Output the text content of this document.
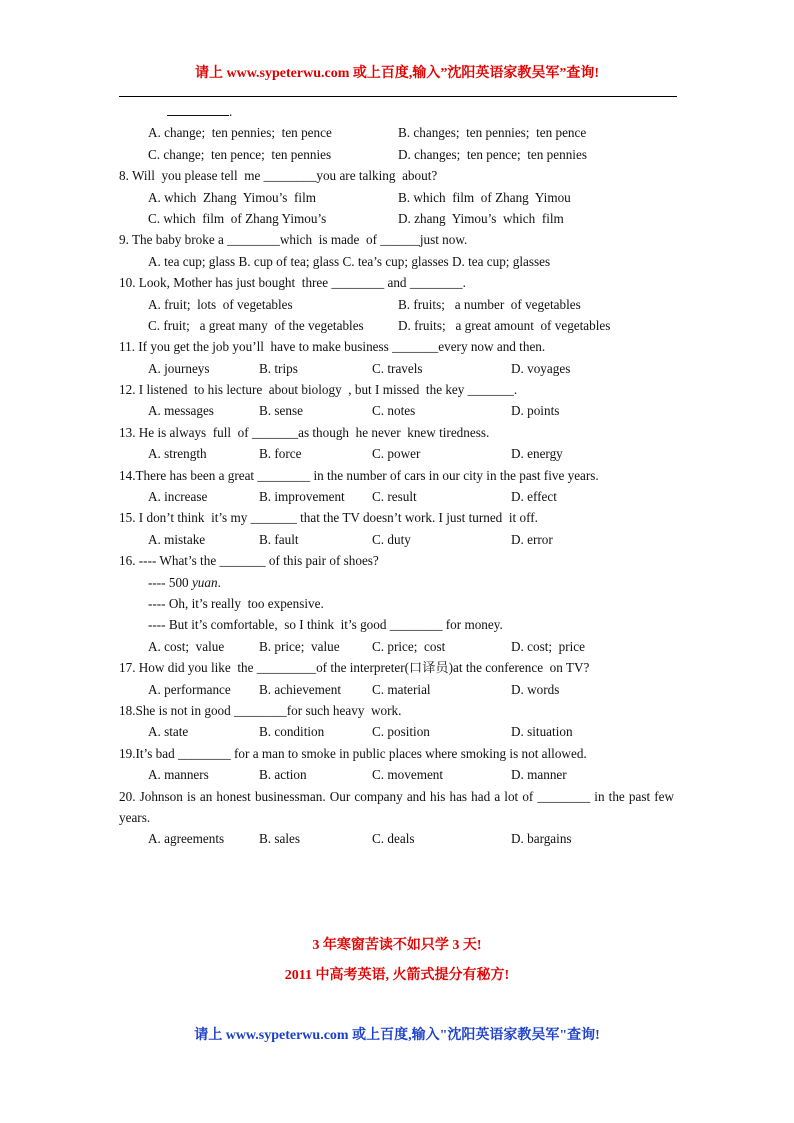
请上 www.sypeterwu.com 或上百度,输入”沈阳英语家教吴军”查询!
.
A. change;  ten pennies;  ten pence	B. changes;  ten pennies;  ten pence
C. change;  ten pence;  ten pennies	D. changes;  ten pence;  ten pennies
8. Will  you please tell  me ________you are talking  about?
A. which  Zhang  Yimou’s  film	B. which  film  of Zhang  Yimou
C. which  film  of Zhang Yimou’s	D. zhang  Yimou’s  which  film
9. The baby broke a ________which  is made  of ______just now.
A. tea cup; glass B. cup of tea; glass C. tea’s cup; glasses D. tea cup; glasses
10. Look, Mother has just bought  three ________ and ________.
A. fruit;  lots  of vegetables	B. fruits;   a number  of vegetables
C. fruit;   a great many  of the vegetables	D. fruits;   a great amount  of vegetables
11. If you get the job you’ll  have to make business _______every now and then.
A. journeys	B. trips	C. travels	D. voyages
12. I listened  to his lecture  about biology  , but I missed  the key _______.
A. messages	B. sense	C. notes	D. points
13. He is always  full  of _______as though  he never  knew tiredness.
A. strength	B. force	C. power	D. energy
14.There has been a great ________ in the number of cars in our city in the past five years.
A. increase	B. improvement	C. result	D. effect
15. I don’t think  it’s my _______ that the TV doesn’t work. I just turned  it off.
A. mistake	B. fault	C. duty	D. error
16. ---- What’s the _______ of this pair of shoes?
---- 500 yuan.
---- Oh, it’s really  too expensive.
---- But it’s comfortable,  so I think  it’s good ________ for money.
A. cost;  value	B. price;  value	C. price;  cost	D. cost;  price
17. How did you like  the _________of the interpreter(口译员)at the conference  on TV?
A. performance	B. achievement	C. material	D. words
18.She is not in good ________for such heavy  work.
A. state	B. condition	C. position	D. situation
19.It’s bad ________ for a man to smoke in public places where smoking is not allowed.
A. manners	B. action	C. movement	D. manner
20. Johnson is an honest businessman. Our company and his has had a lot of ________ in the past few years.
A. agreements	B. sales	C. deals	D. bargains
3 年寒窗苦读不如只学 3 天!
2011 中高考英语, 火箭式提分有秘方!
请上 www.sypeterwu.com 或上百度,输入"沈阳英语家教吴军"查询!
